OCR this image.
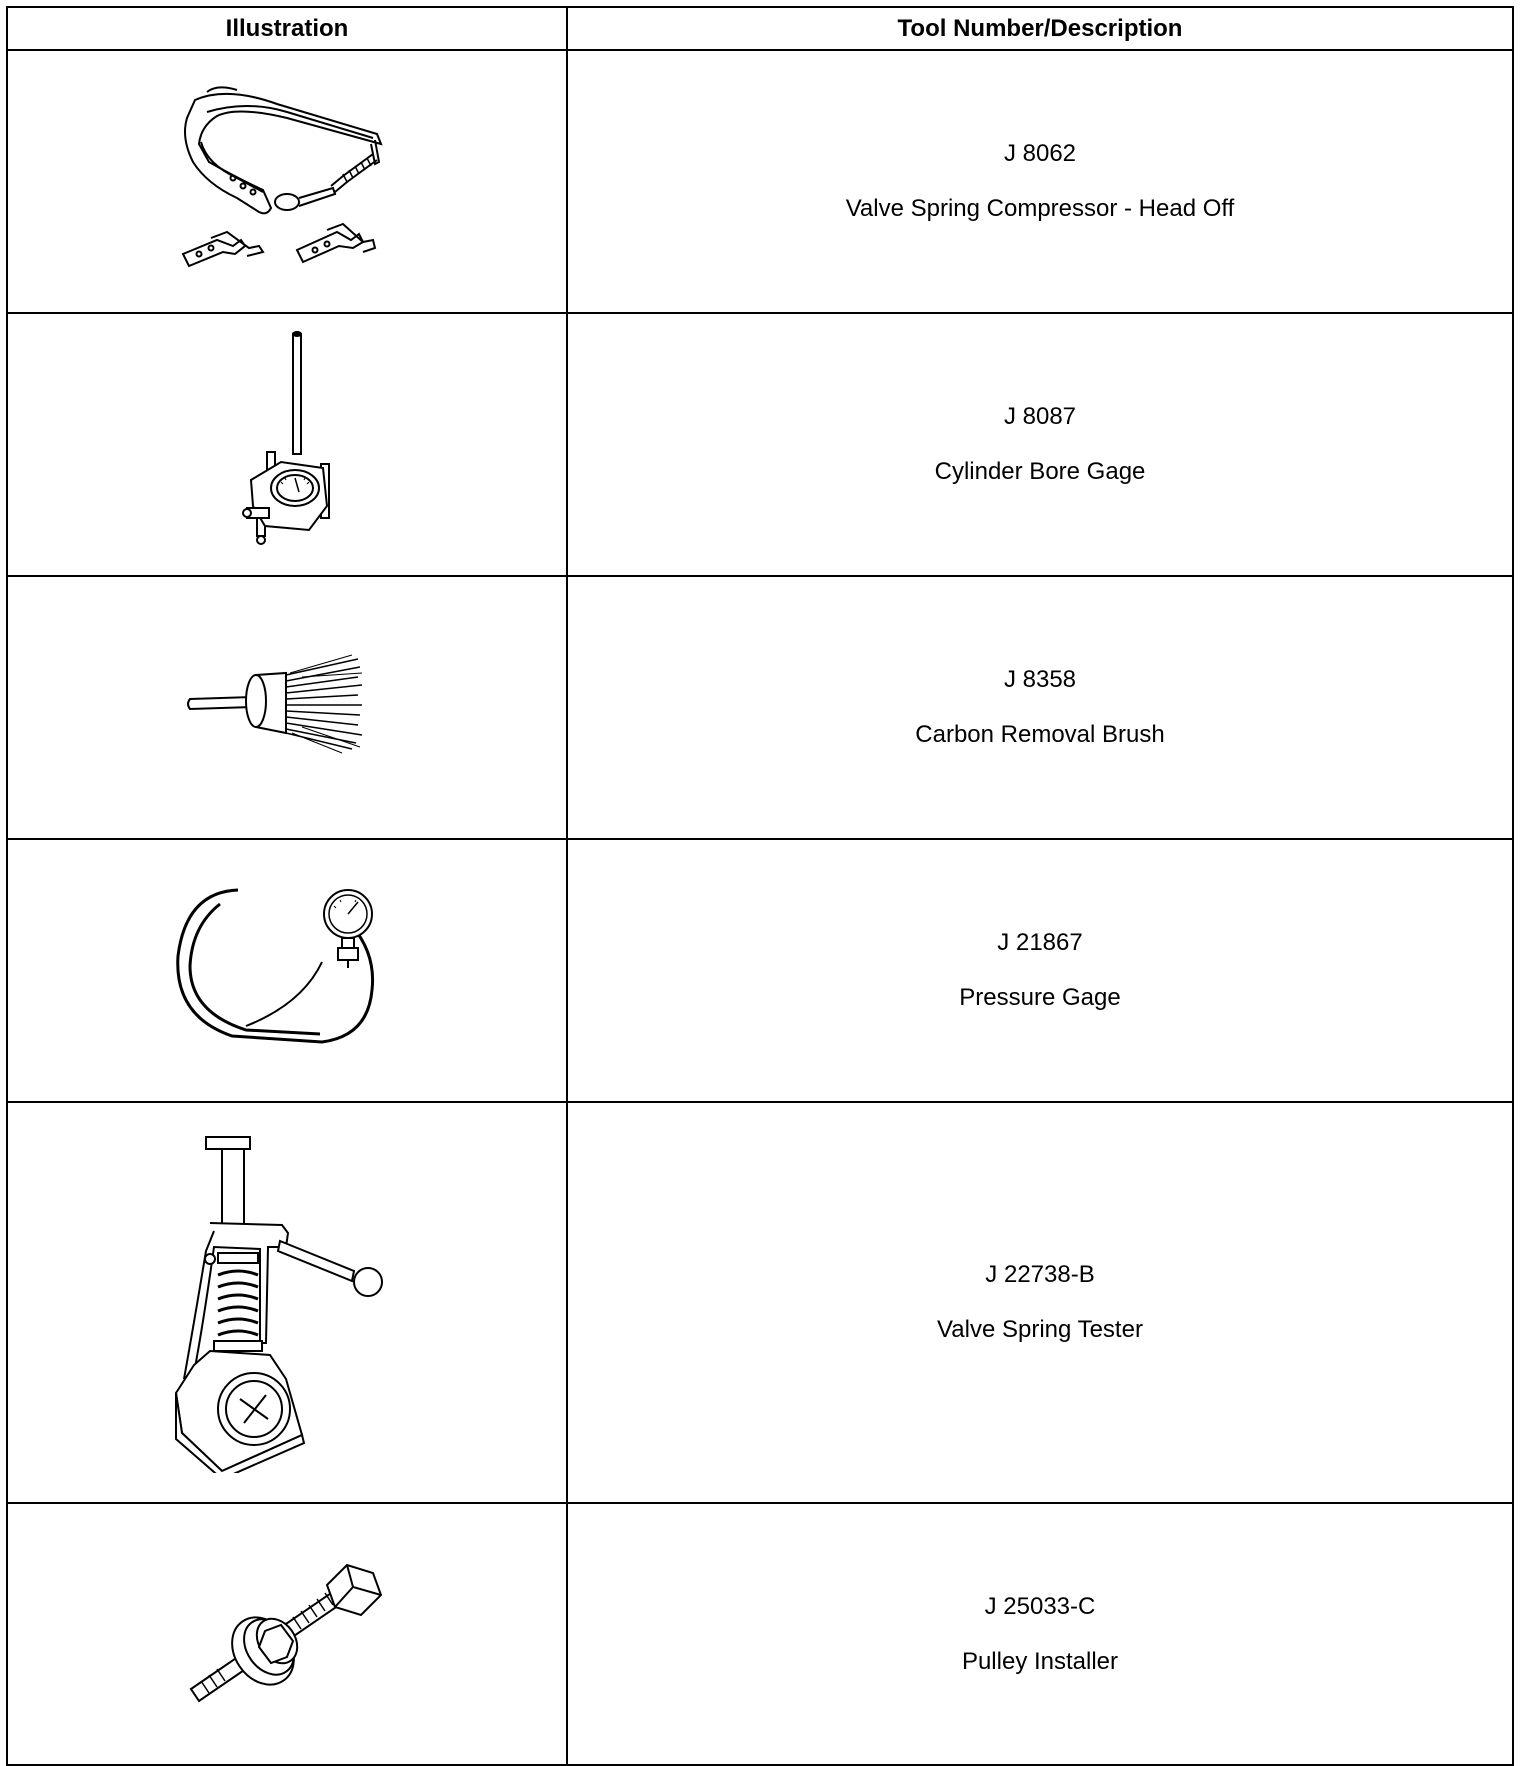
Illustration	Tool Number/Description

J 8062
Valve Spring Compressor - Head Off

J 8087
Cylinder Bore Gage

J 8358
Carbon Removal Brush

J 21867
Pressure Gage

J 22738-B
Valve Spring Tester

J 25033-C
Pulley Installer
